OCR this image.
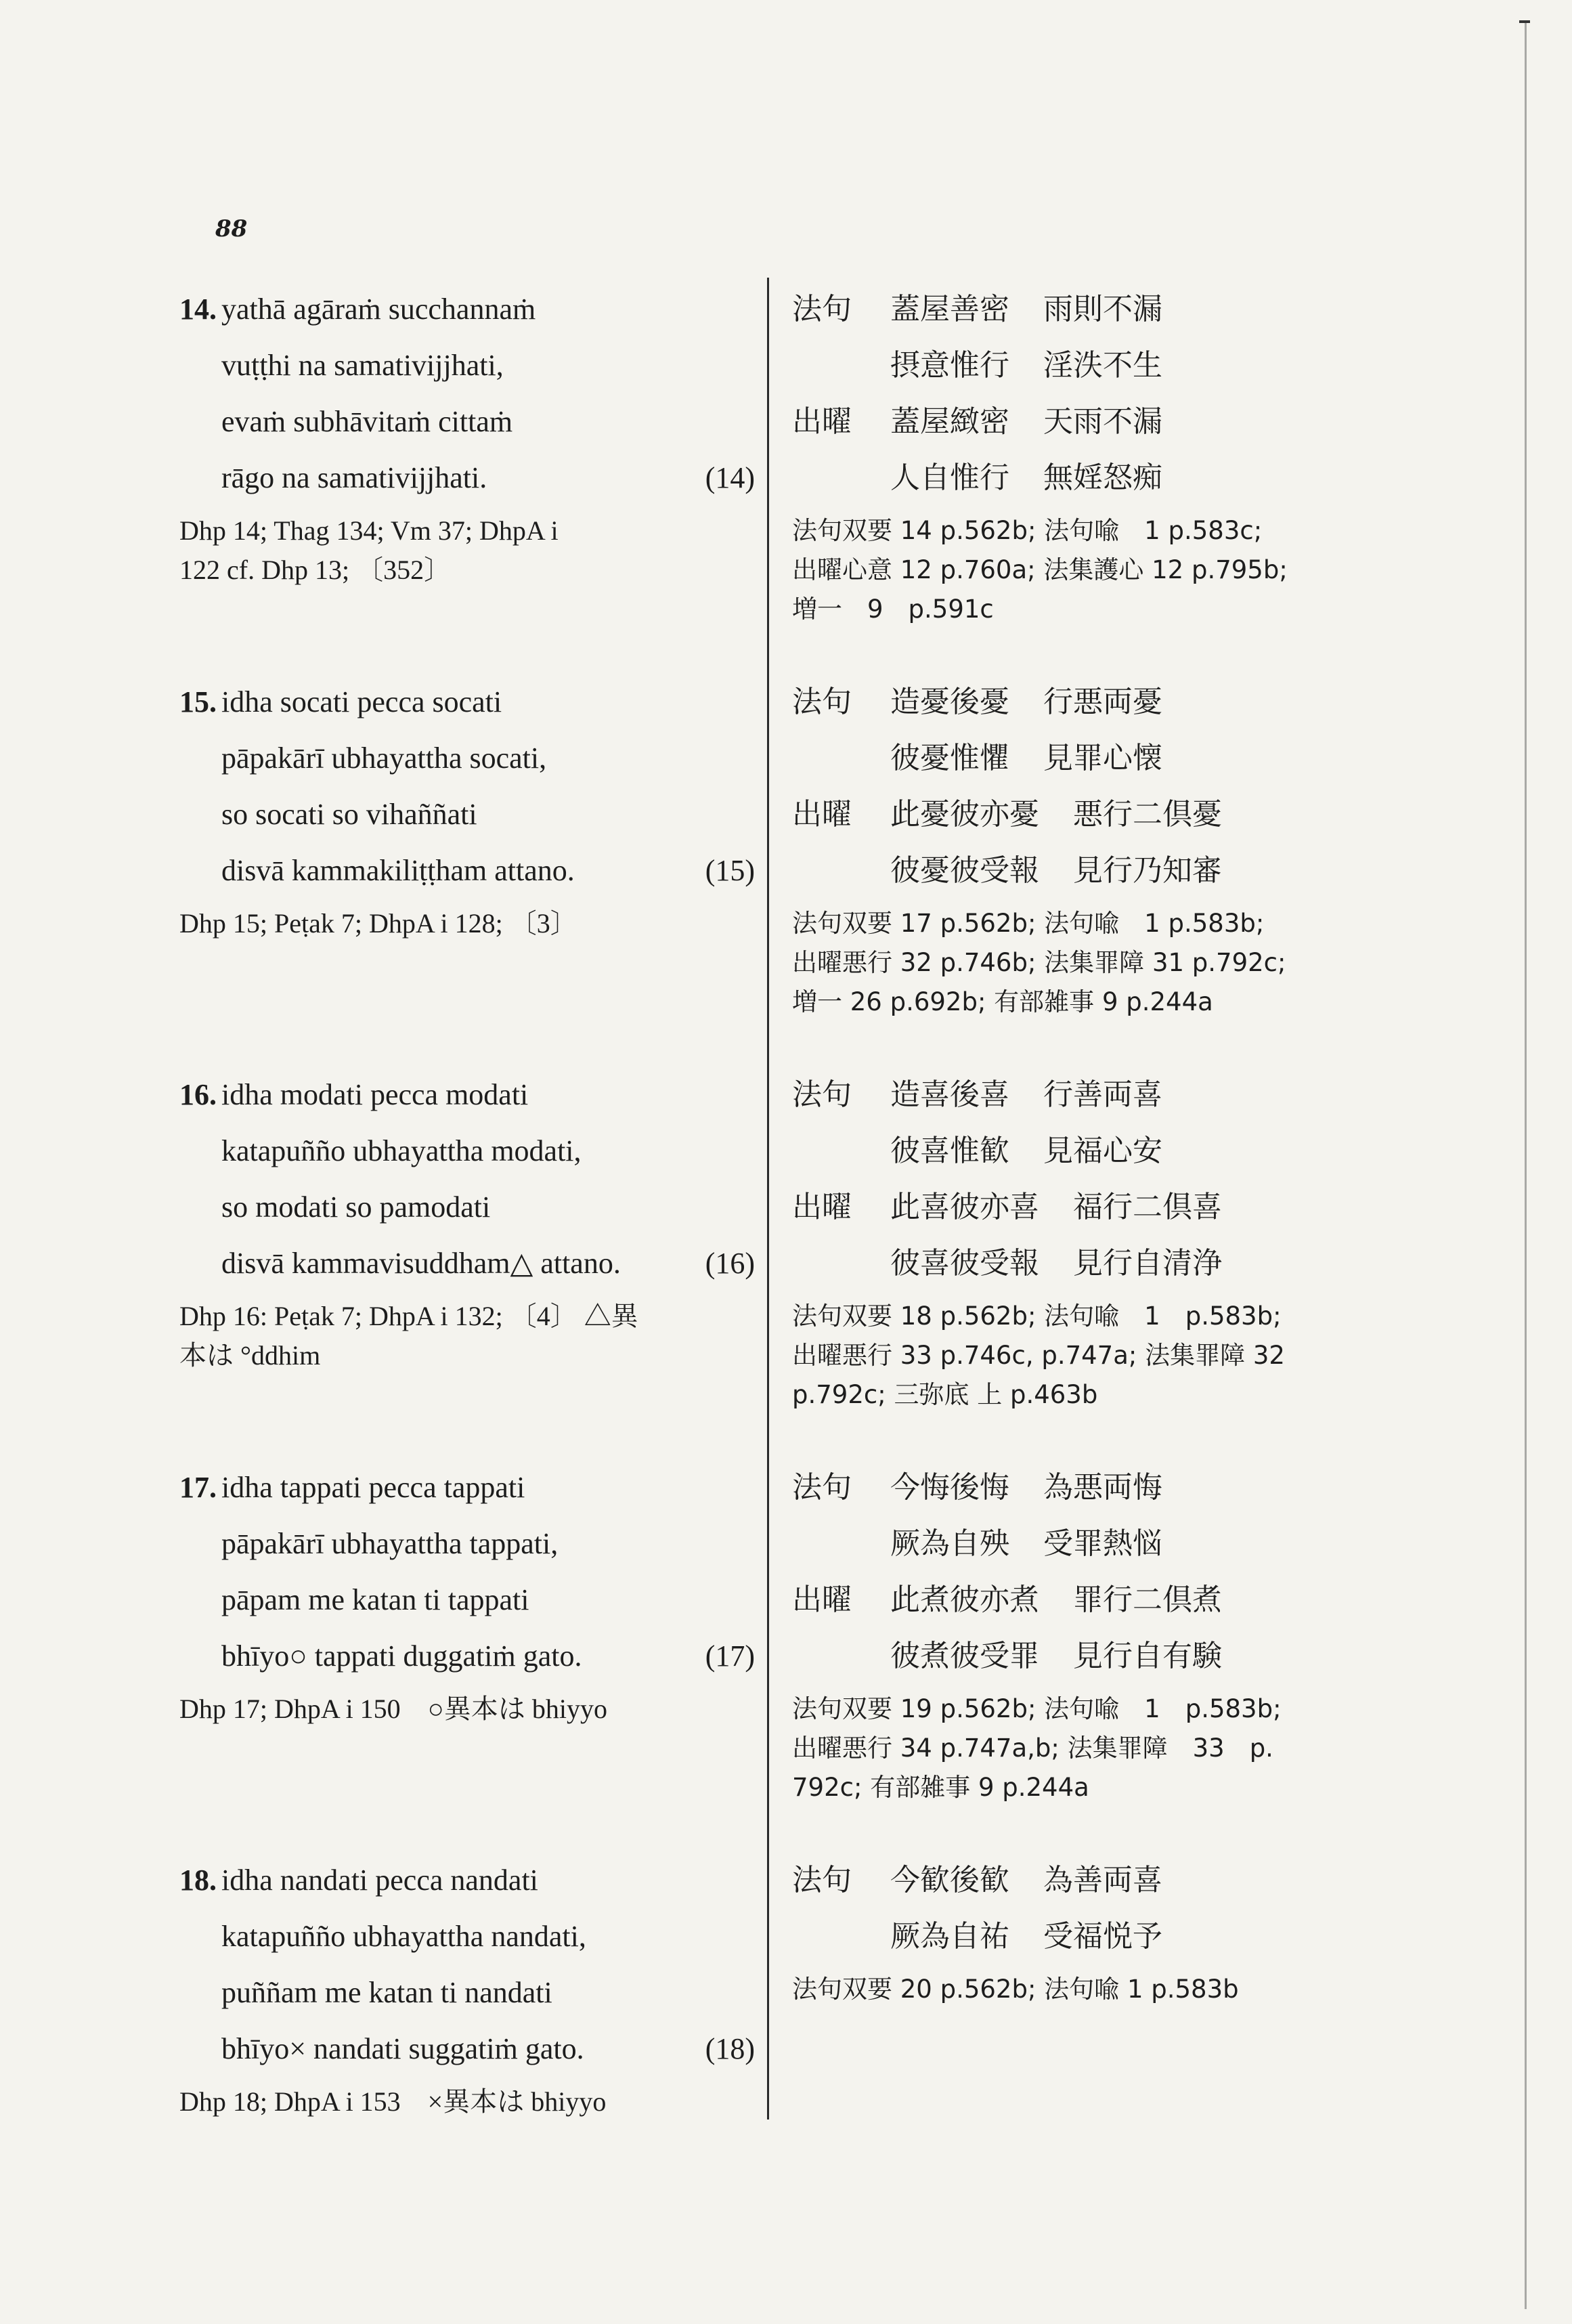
88
14. yathā agāraṁ succhannaṁ
vuṭṭhi na samativijjhati,
evaṁ subhāvitaṁ cittaṁ
rāgo na samativijjhati.	(14)
Dhp 14; Thag 134; Vm 37; DhpA i
122 cf. Dhp 13; 〔352〕
法句 蓋屋善密 雨則不漏
摂意惟行 淫泆不生
出曜 蓋屋緻密 天雨不漏
人自惟行 無婬怒痴
法句双要 14 p.562b; 法句喩　1 p.583c;
出曜心意 12 p.760a; 法集護心 12 p.795b;
増一　9　p.591c
15. idha socati pecca socati
pāpakārī ubhayattha socati,
so socati so vihaññati
disvā kammakiliṭṭham attano.	(15)
Dhp 15; Peṭak 7; DhpA i 128; 〔3〕
法句 造憂後憂 行悪両憂
彼憂惟懼 見罪心懐
出曜 此憂彼亦憂 悪行二倶憂
彼憂彼受報 見行乃知審
法句双要 17 p.562b; 法句喩　1 p.583b;
出曜悪行 32 p.746b; 法集罪障 31 p.792c;
増一 26 p.692b; 有部雑事 9 p.244a
16. idha modati pecca modati
katapuñño ubhayattha modati,
so modati so pamodati
disvā kammavisuddham△ attano.	(16)
Dhp 16: Peṭak 7; DhpA i 132; 〔4〕 △異
本は °ddhim
法句 造喜後喜 行善両喜
彼喜惟歓 見福心安
出曜 此喜彼亦喜 福行二倶喜
彼喜彼受報 見行自清浄
法句双要 18 p.562b; 法句喩　1　p.583b;
出曜悪行 33 p.746c, p.747a; 法集罪障 32
p.792c; 三弥底 上 p.463b
17. idha tappati pecca tappati
pāpakārī ubhayattha tappati,
pāpam me katan ti tappati
bhīyo○ tappati duggatiṁ gato.	(17)
Dhp 17; DhpA i 150　○異本は bhiyyo
法句 今悔後悔 為悪両悔
厥為自殃 受罪熱悩
出曜 此煮彼亦煮 罪行二倶煮
彼煮彼受罪 見行自有験
法句双要 19 p.562b; 法句喩　1　p.583b;
出曜悪行 34 p.747a,b; 法集罪障　33　p.
792c; 有部雑事 9 p.244a
18. idha nandati pecca nandati
katapuñño ubhayattha nandati,
puññam me katan ti nandati
bhīyo× nandati suggatiṁ gato.	(18)
Dhp 18; DhpA i 153　×異本は bhiyyo
法句 今歓後歓 為善両喜
厥為自祐 受福悦予
法句双要 20 p.562b; 法句喩 1 p.583b
